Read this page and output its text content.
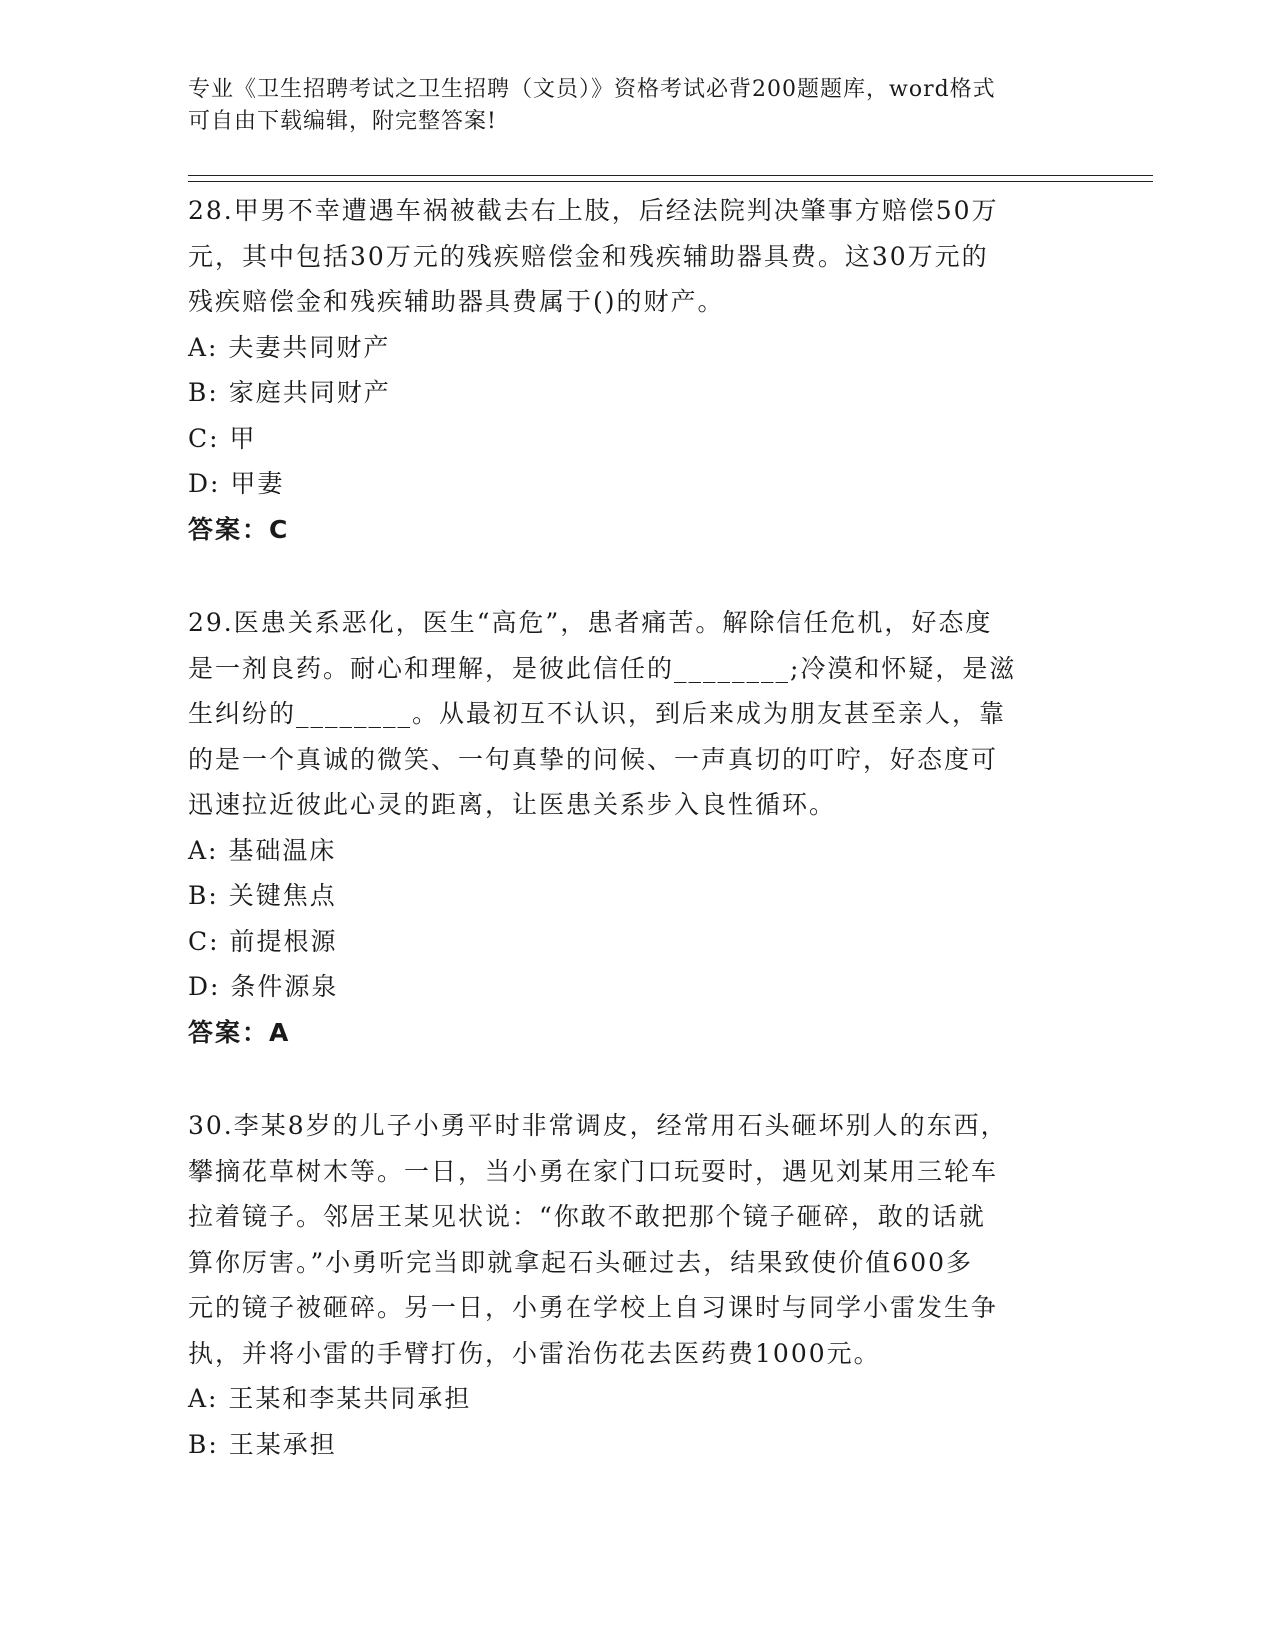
专业《卫生招聘考试之卫生招聘（文员）》资格考试必背200题题库，word格式
可自由下载编辑，附完整答案!
28.甲男不幸遭遇车祸被截去右上肢，后经法院判决肇事方赔偿50万
元，其中包括30万元的残疾赔偿金和残疾辅助器具费。这30万元的
残疾赔偿金和残疾辅助器具费属于()的财产。
A: 夫妻共同财产
B: 家庭共同财产
C: 甲
D: 甲妻
答案：C
29.医患关系恶化，医生“高危”，患者痛苦。解除信任危机，好态度
是一剂良药。耐心和理解，是彼此信任的________;冷漠和怀疑，是滋
生纠纷的________。从最初互不认识，到后来成为朋友甚至亲人，靠
的是一个真诚的微笑、一句真挚的问候、一声真切的叮咛，好态度可
迅速拉近彼此心灵的距离，让医患关系步入良性循环。
A: 基础温床
B: 关键焦点
C: 前提根源
D: 条件源泉
答案：A
30.李某8岁的儿子小勇平时非常调皮，经常用石头砸坏别人的东西，
攀摘花草树木等。一日，当小勇在家门口玩耍时，遇见刘某用三轮车
拉着镜子。邻居王某见状说：“你敢不敢把那个镜子砸碎，敢的话就
算你厉害。”小勇听完当即就拿起石头砸过去，结果致使价值600多
元的镜子被砸碎。另一日，小勇在学校上自习课时与同学小雷发生争
执，并将小雷的手臂打伤，小雷治伤花去医药费1000元。
A: 王某和李某共同承担
B: 王某承担
